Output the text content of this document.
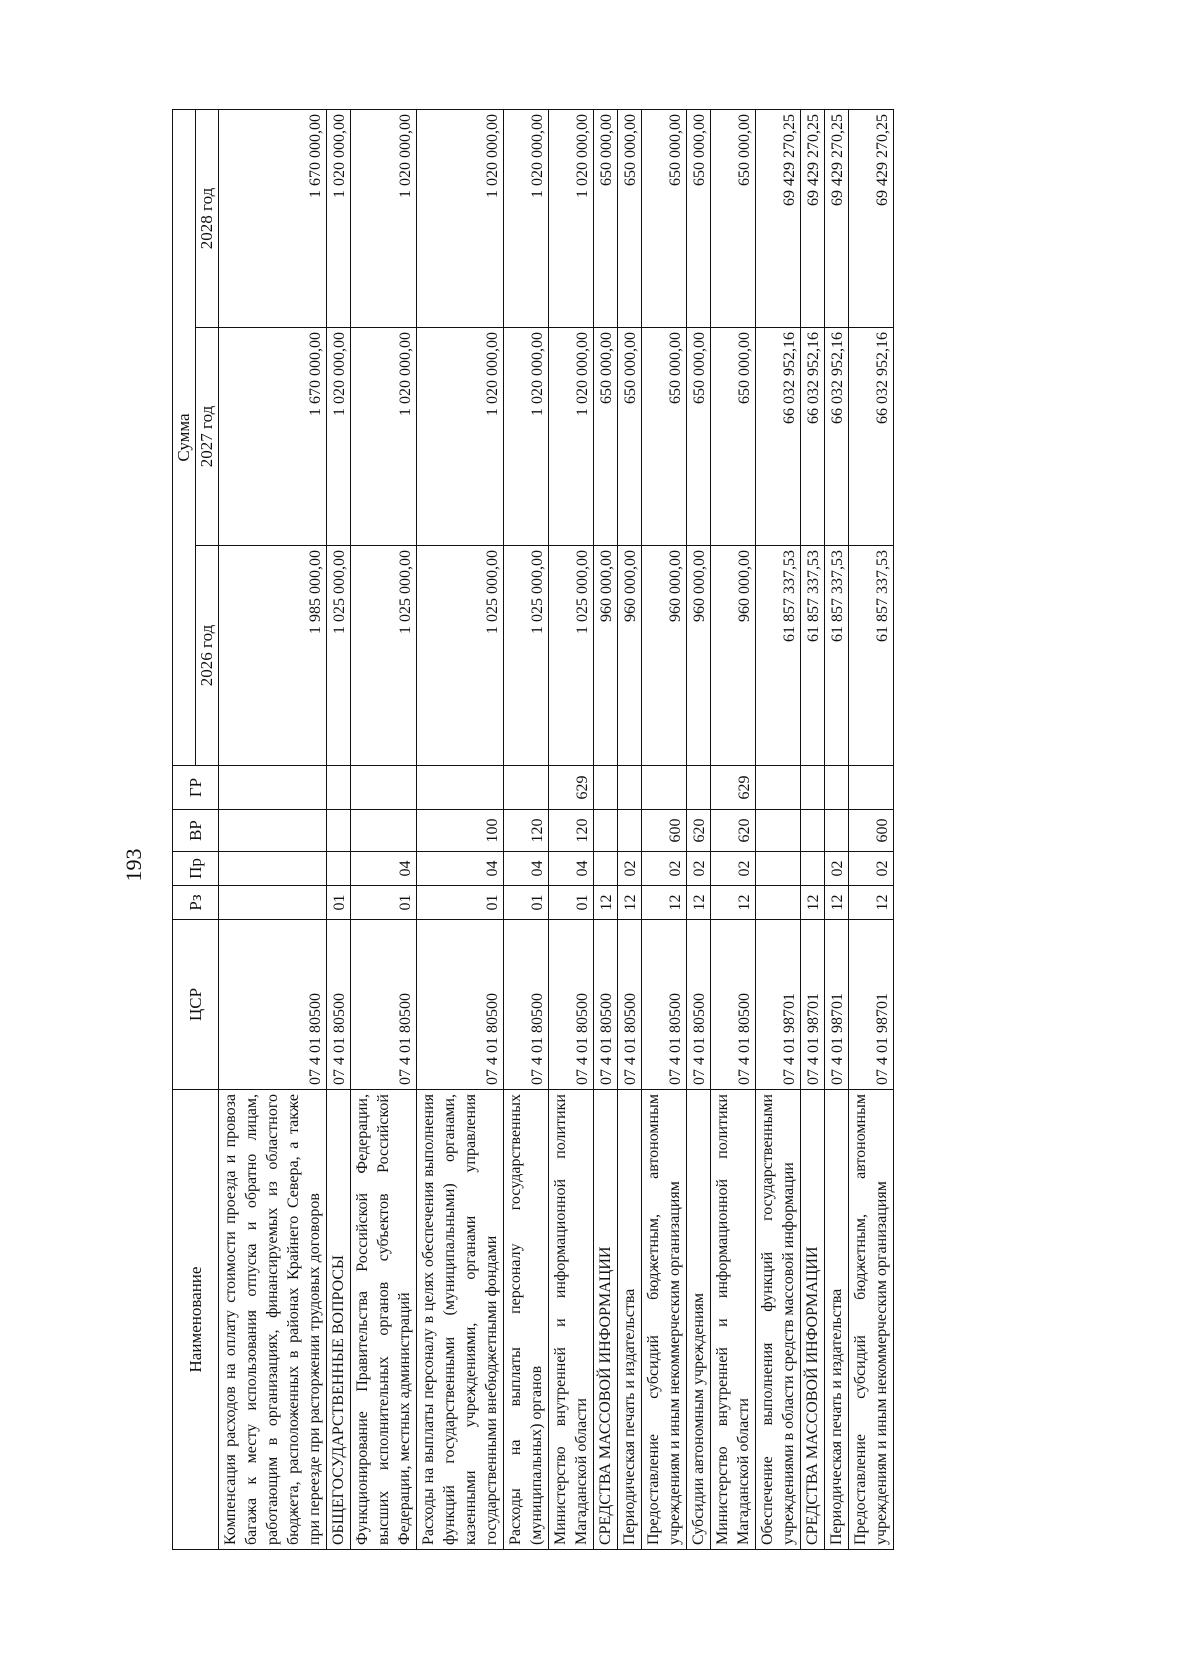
193
Наименование	ЦСР	Рз	Пр	ВР	ГР	Сумма		
						2026 год	2027 год	2028 год
Компенсация расходов на оплату стоимости проезда и провоза багажа к месту использования отпуска и обратно лицам, работающим в организациях, финансируемых из областного бюджета, расположенных в районах Крайнего Севера, а также при переезде при расторжении трудовых договоров	07 4 01 80500					1 985 000,00	1 670 000,00	1 670 000,00
ОБЩЕГОСУДАРСТВЕННЫЕ ВОПРОСЫ	07 4 01 80500	01				1 025 000,00	1 020 000,00	1 020 000,00
Функционирование Правительства Российской Федерации, высших исполнительных органов субъектов Российской Федерации, местных администраций	07 4 01 80500	01	04			1 025 000,00	1 020 000,00	1 020 000,00
Расходы на выплаты персоналу в целях обеспечения выполнения функций государственными (муниципальными) органами, казенными учреждениями, органами управления государственными внебюджетными фондами	07 4 01 80500	01	04	100		1 025 000,00	1 020 000,00	1 020 000,00
Расходы на выплаты персоналу государственных (муниципальных) органов	07 4 01 80500	01	04	120		1 025 000,00	1 020 000,00	1 020 000,00
Министерство внутренней и информационной политики Магаданской области	07 4 01 80500	01	04	120	629	1 025 000,00	1 020 000,00	1 020 000,00
СРЕДСТВА МАССОВОЙ ИНФОРМАЦИИ	07 4 01 80500	12				960 000,00	650 000,00	650 000,00
Периодическая печать и издательства	07 4 01 80500	12	02			960 000,00	650 000,00	650 000,00
Предоставление субсидий бюджетным, автономным учреждениям и иным некоммерческим организациям	07 4 01 80500	12	02	600		960 000,00	650 000,00	650 000,00
Субсидии автономным учреждениям	07 4 01 80500	12	02	620		960 000,00	650 000,00	650 000,00
Министерство внутренней и информационной политики Магаданской области	07 4 01 80500	12	02	620	629	960 000,00	650 000,00	650 000,00
Обеспечение выполнения функций государственными учреждениями в области средств массовой информации	07 4 01 98701					61 857 337,53	66 032 952,16	69 429 270,25
СРЕДСТВА МАССОВОЙ ИНФОРМАЦИИ	07 4 01 98701	12				61 857 337,53	66 032 952,16	69 429 270,25
Периодическая печать и издательства	07 4 01 98701	12	02			61 857 337,53	66 032 952,16	69 429 270,25
Предоставление субсидий бюджетным, автономным учреждениям и иным некоммерческим организациям	07 4 01 98701	12	02	600		61 857 337,53	66 032 952,16	69 429 270,25
